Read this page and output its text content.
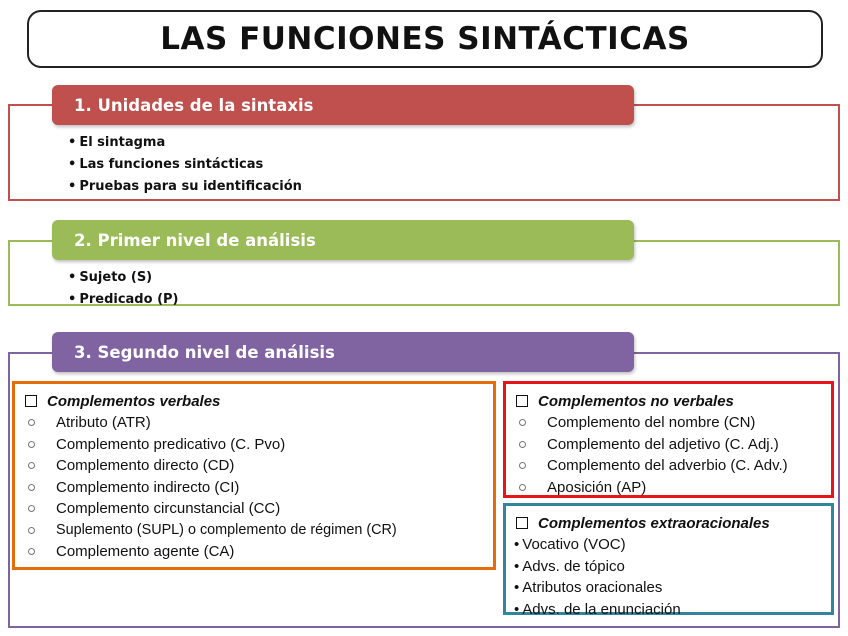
LAS FUNCIONES SINTÁCTICAS
1. Unidades de la sintaxis
• El sintagma
• Las funciones sintácticas
• Pruebas para su identificación
2. Primer nivel de análisis
• Sujeto (S)
• Predicado (P)
3. Segundo nivel de análisis
Complementos verbales
Atributo (ATR)
Complemento predicativo (C. Pvo)
Complemento directo (CD)
Complemento indirecto (CI)
Complemento circunstancial (CC)
Suplemento (SUPL) o complemento de régimen (CR)
Complemento agente (CA)
Complementos no verbales
Complemento del nombre (CN)
Complemento del adjetivo (C. Adj.)
Complemento del adverbio (C. Adv.)
Aposición (AP)
Complementos extraoracionales
• Vocativo (VOC)
• Advs. de tópico
• Atributos oracionales
• Advs. de la enunciación
